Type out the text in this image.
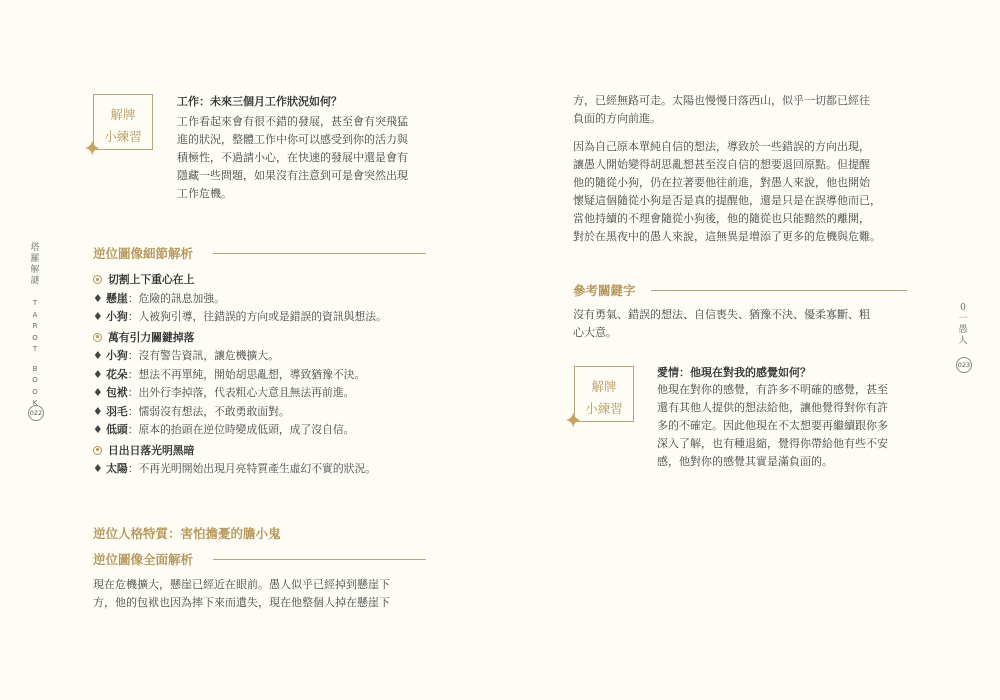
解牌
小練習
✦
工作：未來三個月工作狀況如何？
工作看起來會有很不錯的發展，甚至會有突飛猛
進的狀況，整體工作中你可以感受到你的活力與
積極性，不過請小心，在快速的發展中還是會有
隱藏一些問題，如果沒有注意到可是會突然出現
工作危機。
逆位圖像細節解析
切割上下重心在上
♦ 懸崖：危險的訊息加強。
♦ 小狗：人被狗引導，往錯誤的方向或是錯誤的資訊與想法。
萬有引力關鍵掉落
♦ 小狗：沒有警告資訊，讓危機擴大。
♦ 花朵：想法不再單純，開始胡思亂想，導致猶豫不決。
♦ 包袱：出外行李掉落，代表粗心大意且無法再前進。
♦ 羽毛：懦弱沒有想法，不敢勇敢面對。
♦ 低頭：原本的抬頭在逆位時變成低頭，成了沒自信。
日出日落光明黑暗
♦ 太陽：不再光明開始出現月亮特質產生虛幻不實的狀況。
逆位人格特質：害怕擔憂的膽小鬼
逆位圖像全面解析
現在危機擴大，懸崖已經近在眼前。愚人似乎已經掉到懸崖下
方，他的包袱也因為摔下來而遺失，現在他整個人掉在懸崖下
塔
羅
解
謎
T
A
R
O
T
B
O
O
K
022
方，已經無路可走。太陽也慢慢日落西山，似乎一切都已經往
負面的方向前進。
因為自己原本單純自信的想法，導致於一些錯誤的方向出現，
讓愚人開始變得胡思亂想甚至沒自信的想要退回原點。但提醒
他的隨從小狗，仍在拉著要他往前進，對愚人來說，他也開始
懷疑這個隨從小狗是否是真的提醒他，還是只是在誤導他而已，
當他持續的不理會隨從小狗後，他的隨從也只能黯然的離開，
對於在黑夜中的愚人來說，這無異是增添了更多的危機與危難。
參考關鍵字
沒有勇氣、錯誤的想法、自信喪失、猶豫不決、優柔寡斷、粗
心大意。
解牌
小練習
✦
愛情：他現在對我的感覺如何？
他現在對你的感覺，有許多不明確的感覺，甚至
還有其他人提供的想法給他，讓他覺得對你有許
多的不確定。因此他現在不太想要再繼續跟你多
深入了解，也有種退縮，覺得你帶給他有些不安
感，他對你的感覺其實是滿負面的。
0
一
愚
人
023
